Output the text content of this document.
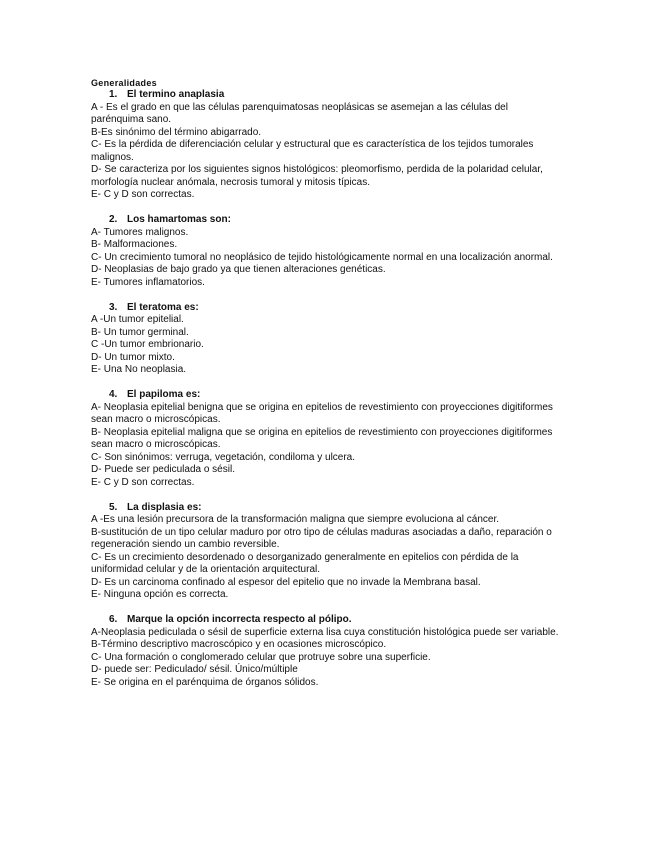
Generalidades

1. El termino anaplasia

A - Es el grado en que las células parenquimatosas neoplásicas se asemejan a las células del parénquima sano.

B-Es sinónimo del término abigarrado.

C- Es la pérdida de diferenciación celular y estructural que es característica de los tejidos tumorales malignos.

D- Se caracteriza por los siguientes signos histológicos: pleomorfismo, perdida de la polaridad celular, morfología nuclear anómala, necrosis tumoral y mitosis típicas.

E- C y D son correctas.

2. Los hamartomas son:

A- Tumores malignos.

B- Malformaciones.

C- Un crecimiento tumoral no neoplásico de tejido histológicamente normal en una localización anormal.

D- Neoplasias de bajo grado ya que tienen alteraciones genéticas.

E- Tumores inflamatorios.

3. El teratoma es:

A -Un tumor epitelial.

B- Un tumor germinal.

C -Un tumor embrionario.

D- Un tumor mixto.

E- Una No neoplasia.

4. El papiloma es:

A- Neoplasia epitelial benigna que se origina en epitelios de revestimiento con proyecciones digitiformes sean macro o microscópicas.

B- Neoplasia epitelial maligna que se origina en epitelios de revestimiento con proyecciones digitiformes sean macro o microscópicas.

C- Son sinónimos: verruga, vegetación, condiloma y ulcera.

D- Puede ser pediculada o sésil.

E- C y D son correctas.

5. La displasia es:

A -Es una lesión precursora de la transformación maligna que siempre evoluciona al cáncer.

B-sustitución de un tipo celular maduro por otro tipo de células maduras asociadas a daño, reparación o regeneración siendo un cambio reversible.

C- Es un crecimiento desordenado o desorganizado generalmente en epitelios con pérdida de la uniformidad celular y de la orientación arquitectural.

D- Es un carcinoma confinado al espesor del epitelio que no invade la Membrana basal.

E- Ninguna opción es correcta.

6. Marque la opción incorrecta respecto al pólipo.

A-Neoplasia pediculada o sésil de superficie externa lisa cuya constitución histológica puede ser variable.

B-Término descriptivo macroscópico y en ocasiones microscópico.

C- Una formación o conglomerado celular que protruye sobre una superficie.

D- puede ser: Pediculado/ sésil. Único/múltiple

E- Se origina en el parénquima de órganos sólidos.
